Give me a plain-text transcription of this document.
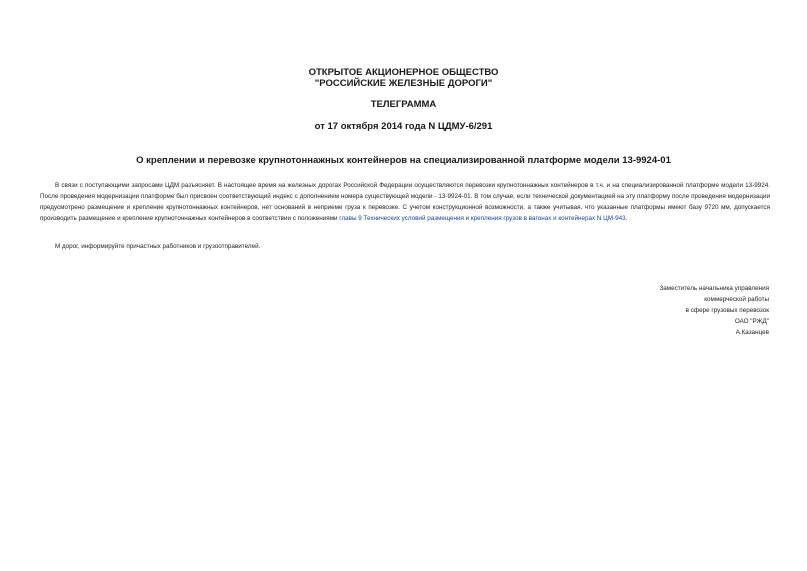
ОТКРЫТОЕ АКЦИОНЕРНОЕ ОБЩЕСТВО
"РОССИЙСКИЕ ЖЕЛЕЗНЫЕ ДОРОГИ"
ТЕЛЕГРАММА
от 17 октября 2014 года N ЦДМУ-6/291
О креплении и перевозке крупнотоннажных контейнеров на специализированной платформе модели 13-9924-01
В связи с поступающими запросами ЦДМ разъясняет. В настоящее время на железных дорогах Российской Федерации осуществляются перевозки крупнотоннажных контейнеров в т.ч. и на специализированной платформе модели 13-9924. После проведения модернизации платформе был присвоен соответствующий индекс с дополнением номера существующей модели - 13-9924-01. В том случае, если технической документацией на эту платформу после проведения модернизации предусмотрено размещение и крепление крупнотоннажных контейнеров, нет оснований в неприеме груза к перевозке. С учетом конструкционной возможности, а также учитывая, что указанные платформы имеют базу 9720 мм, допускается производить размещение и крепление крупнотоннажных контейнеров в соответствии с положениями главы 9 Технических условий размещения и крепления грузов в вагонах и контейнерах N ЦМ-943.
М дорог, информируйте причастных работников и грузоотправителей.
Заместитель начальника управления
коммерческой работы
в сфере грузовых перевозок
ОАО "РЖД"
А.Казанцев
